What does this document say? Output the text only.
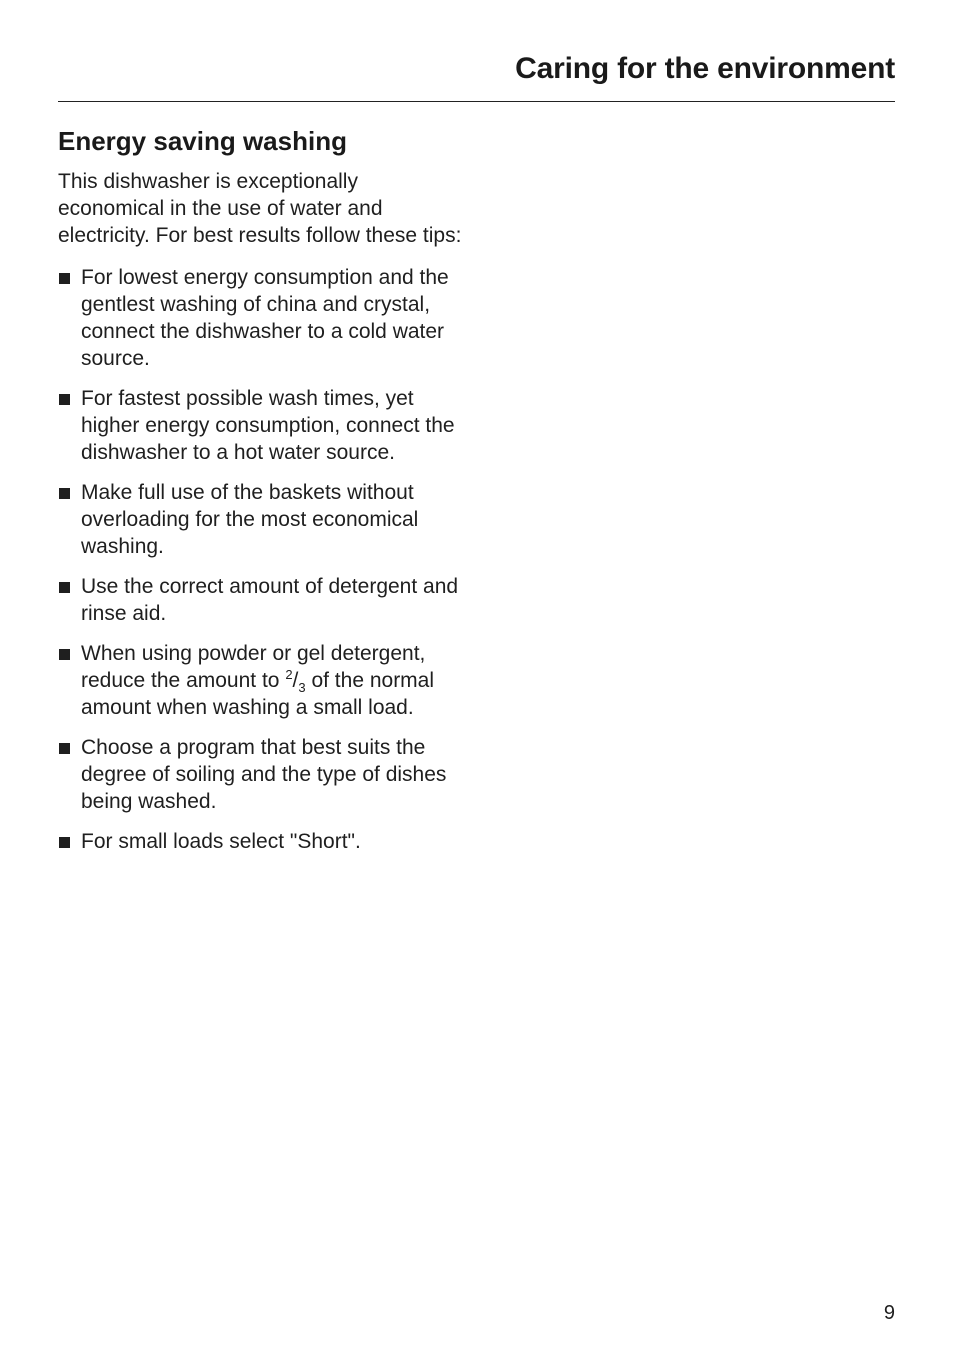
Caring for the environment
Energy saving washing

This dishwasher is exceptionally economical in the use of water and electricity. For best results follow these tips:

For lowest energy consumption and the gentlest washing of china and crystal, connect the dishwasher to a cold water source.
For fastest possible wash times, yet higher energy consumption, connect the dishwasher to a hot water source.
Make full use of the baskets without overloading for the most economical washing.
Use the correct amount of detergent and rinse aid.
When using powder or gel detergent, reduce the amount to $^2/_3$ of the normal amount when washing a small load.
Choose a program that best suits the degree of soiling and the type of dishes being washed.
For small loads select "Short".
9
